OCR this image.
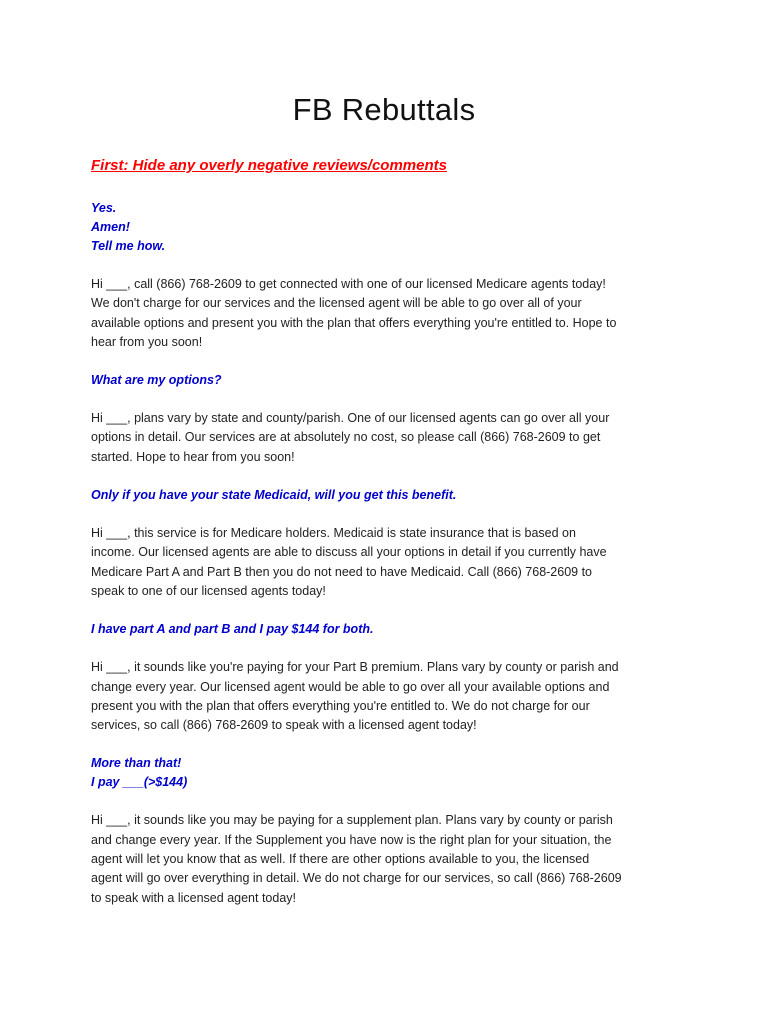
FB Rebuttals

First: Hide any overly negative reviews/comments

Yes.
Amen!
Tell me how.

Hi ___, call (866) 768-2609 to get connected with one of our licensed Medicare agents today!
We don't charge for our services and the licensed agent will be able to go over all of your
available options and present you with the plan that offers everything you're entitled to. Hope to
hear from you soon!

What are my options?

Hi ___, plans vary by state and county/parish. One of our licensed agents can go over all your
options in detail. Our services are at absolutely no cost, so please call (866) 768-2609 to get
started. Hope to hear from you soon!

Only if you have your state Medicaid, will you get this benefit.

Hi ___, this service is for Medicare holders. Medicaid is state insurance that is based on
income. Our licensed agents are able to discuss all your options in detail if you currently have
Medicare Part A and Part B then you do not need to have Medicaid. Call (866) 768-2609 to
speak to one of our licensed agents today!

I have part A and part B and I pay $144 for both.

Hi ___, it sounds like you're paying for your Part B premium. Plans vary by county or parish and
change every year. Our licensed agent would be able to go over all your available options and
present you with the plan that offers everything you're entitled to. We do not charge for our
services, so call (866) 768-2609 to speak with a licensed agent today!

More than that!
I pay ___(>$144)

Hi ___, it sounds like you may be paying for a supplement plan. Plans vary by county or parish
and change every year. If the Supplement you have now is the right plan for your situation, the
agent will let you know that as well. If there are other options available to you, the licensed
agent will go over everything in detail. We do not charge for our services, so call (866) 768-2609
to speak with a licensed agent today!
